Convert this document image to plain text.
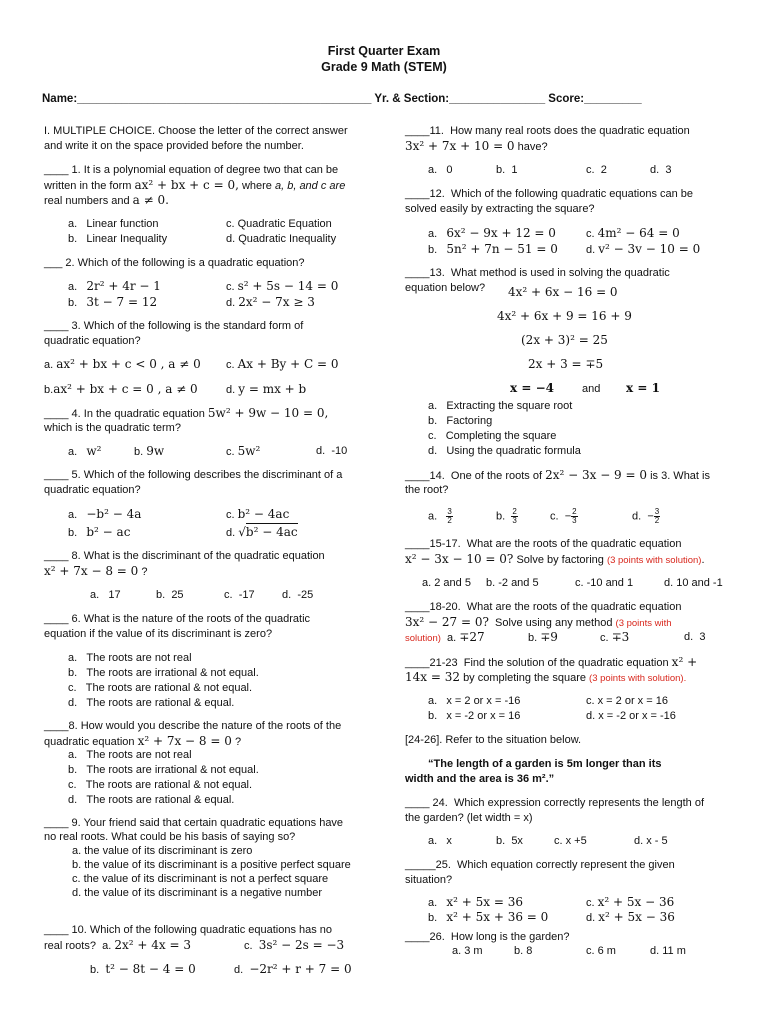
First Quarter Exam
Grade 9 Math (STEM)
Name:______________________________________________ Yr. & Section:_______________ Score:_________
I. MULTIPLE CHOICE. Choose the letter of the correct answer
and write it on the space provided before the number.
____ 1. It is a polynomial equation of degree two that can be
written in the form ax² + bx + c = 0, where a, b, and c are
real numbers and a ≠ 0.
a. Linear function	c. Quadratic Equation
b. Linear Inequality	d. Quadratic Inequality
___ 2. Which of the following is a quadratic equation?
a. 2r² + 4r − 1	c. s² + 5s − 14 = 0
b. 3t − 7 = 12	d. 2x² − 7x ≥ 3
____ 3. Which of the following is the standard form of
quadratic equation?
a. ax² + bx + c < 0 , a ≠ 0 c. Ax + By + C = 0
b.ax² + bx + c = 0 , a ≠ 0	d. y = mx + b
____ 4. In the quadratic equation 5w² + 9w − 10 = 0,
which is the quadratic term?
a. w²	b. 9w	c. 5w²	d. -10
____ 5. Which of the following describes the discriminant of a
quadratic equation?
a. −b² − 4a	c. b² − 4ac
b. b² − ac	d. √b² − 4ac
____ 8. What is the discriminant of the quadratic equation
x² + 7x − 8 = 0 ?
a. 17	b. 25	c. -17 d. -25
____ 6. What is the nature of the roots of the quadratic
equation if the value of its discriminant is zero?
a. The roots are not real
b. The roots are irrational & not equal.
c. The roots are rational & not equal.
d. The roots are rational & equal.
____8. How would you describe the nature of the roots of the
quadratic equation x² + 7x − 8 = 0 ?
a. The roots are not real
b. The roots are irrational & not equal.
c. The roots are rational & not equal.
d. The roots are rational & equal.
____ 9. Your friend said that certain quadratic equations have
no real roots. What could be his basis of saying so?
a. the value of its discriminant is zero
b. the value of its discriminant is a positive perfect square
c. the value of its discriminant is not a perfect square
d. the value of its discriminant is a negative number
____ 10. Which of the following quadratic equations has no
real roots? a. 2x² + 4x = 3	c. 3s² − 2s = −3
b. t² − 8t − 4 = 0	d. −2r² + r + 7 = 0
____11. How many real roots does the quadratic equation
3x² + 7x + 10 = 0 have?
a. 0	b. 1	c. 2	d. 3
____12. Which of the following quadratic equations can be
solved easily by extracting the square?
a. 6x² − 9x + 12 = 0	c. 4m² − 64 = 0
b. 5n² + 7n − 51 = 0	d. v² − 3v − 10 = 0
____13. What method is used in solving the quadratic
equation below? 4x² + 6x − 16 = 0
4x² + 6x + 9 = 16 + 9
(2x + 3)² = 25
2x + 3 = ∓5
x = −4	and x = 1
a. Extracting the square root
b. Factoring
c. Completing the square
d. Using the quadratic formula
____14. One of the roots of 2x² − 3x − 9 = 0 is 3. What is
the root?
a. $\frac{3}{2}$	b. $\frac{2}{3}$	c. − $\frac{2}{3}$	d. − $\frac{3}{2}$
____15-17. What are the roots of the quadratic equation
x² − 3x − 10 = 0? Solve by factoring (3 points with solution).
a. 2 and 5 b. -2 and 5	c. -10 and 1	d. 10 and -1
____18-20. What are the roots of the quadratic equation
3x² − 27 = 0? Solve using any method (3 points with
solution) a. ∓27	b. ∓9	c. ∓3	d. 3
____21-23 Find the solution of the quadratic equation x² +
14x = 32 by completing the square (3 points with solution).
a. x = 2 or x = -16	c. x = 2 or x = 16
b. x = -2 or x = 16	d. x = -2 or x = -16
[24-26]. Refer to the situation below.
“The length of a garden is 5m longer than its
width and the area is 36 m².”
____ 24. Which expression correctly represents the length of
the garden? (let width = x)
a. x	b. 5x	c. x +5	d. x - 5
_____25. Which equation correctly represent the given
situation?
a. x² + 5x = 36	c. x² + 5x − 36
b. x² + 5x + 36 = 0	d. x² + 5x − 36
____26. How long is the garden?
a. 3 m	b. 8	c. 6 m	d. 11 m
